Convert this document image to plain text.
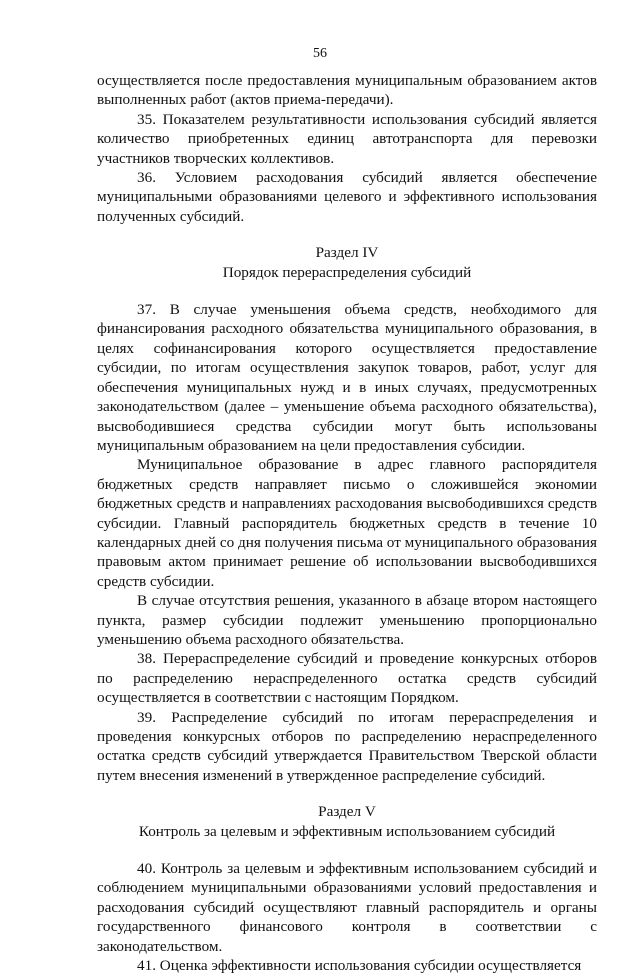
56

осуществляется после предоставления муниципальным образованием актов выполненных работ (актов приема-передачи).

35. Показателем результативности использования субсидий является количество приобретенных единиц автотранспорта для перевозки участников творческих коллективов.

36. Условием расходования субсидий является обеспечение муниципальными образованиями целевого и эффективного использования полученных субсидий.

Раздел IV
Порядок перераспределения субсидий

37. В случае уменьшения объема средств, необходимого для финансирования расходного обязательства муниципального образования, в целях софинансирования которого осуществляется предоставление субсидии, по итогам осуществления закупок товаров, работ, услуг для обеспечения муниципальных нужд и в иных случаях, предусмотренных законодательством (далее – уменьшение объема расходного обязательства), высвободившиеся средства субсидии могут быть использованы муниципальным образованием на цели предоставления субсидии.

Муниципальное образование в адрес главного распорядителя бюджетных средств направляет письмо о сложившейся экономии бюджетных средств и направлениях расходования высвободившихся средств субсидии. Главный распорядитель бюджетных средств в течение 10 календарных дней со дня получения письма от муниципального образования правовым актом принимает решение об использовании высвободившихся средств субсидии.

В случае отсутствия решения, указанного в абзаце втором настоящего пункта, размер субсидии подлежит уменьшению пропорционально уменьшению объема расходного обязательства.

38. Перераспределение субсидий и проведение конкурсных отборов по распределению нераспределенного остатка средств субсидий осуществляется в соответствии с настоящим Порядком.

39. Распределение субсидий по итогам перераспределения и проведения конкурсных отборов по распределению нераспределенного остатка средств субсидий утверждается Правительством Тверской области путем внесения изменений в утвержденное распределение субсидий.

Раздел V
Контроль за целевым и эффективным использованием субсидий

40. Контроль за целевым и эффективным использованием субсидий и соблюдением муниципальными образованиями условий предоставления и расходования субсидий осуществляют главный распорядитель и органы государственного финансового контроля в соответствии с законодательством.

41. Оценка эффективности использования субсидии осуществляется
